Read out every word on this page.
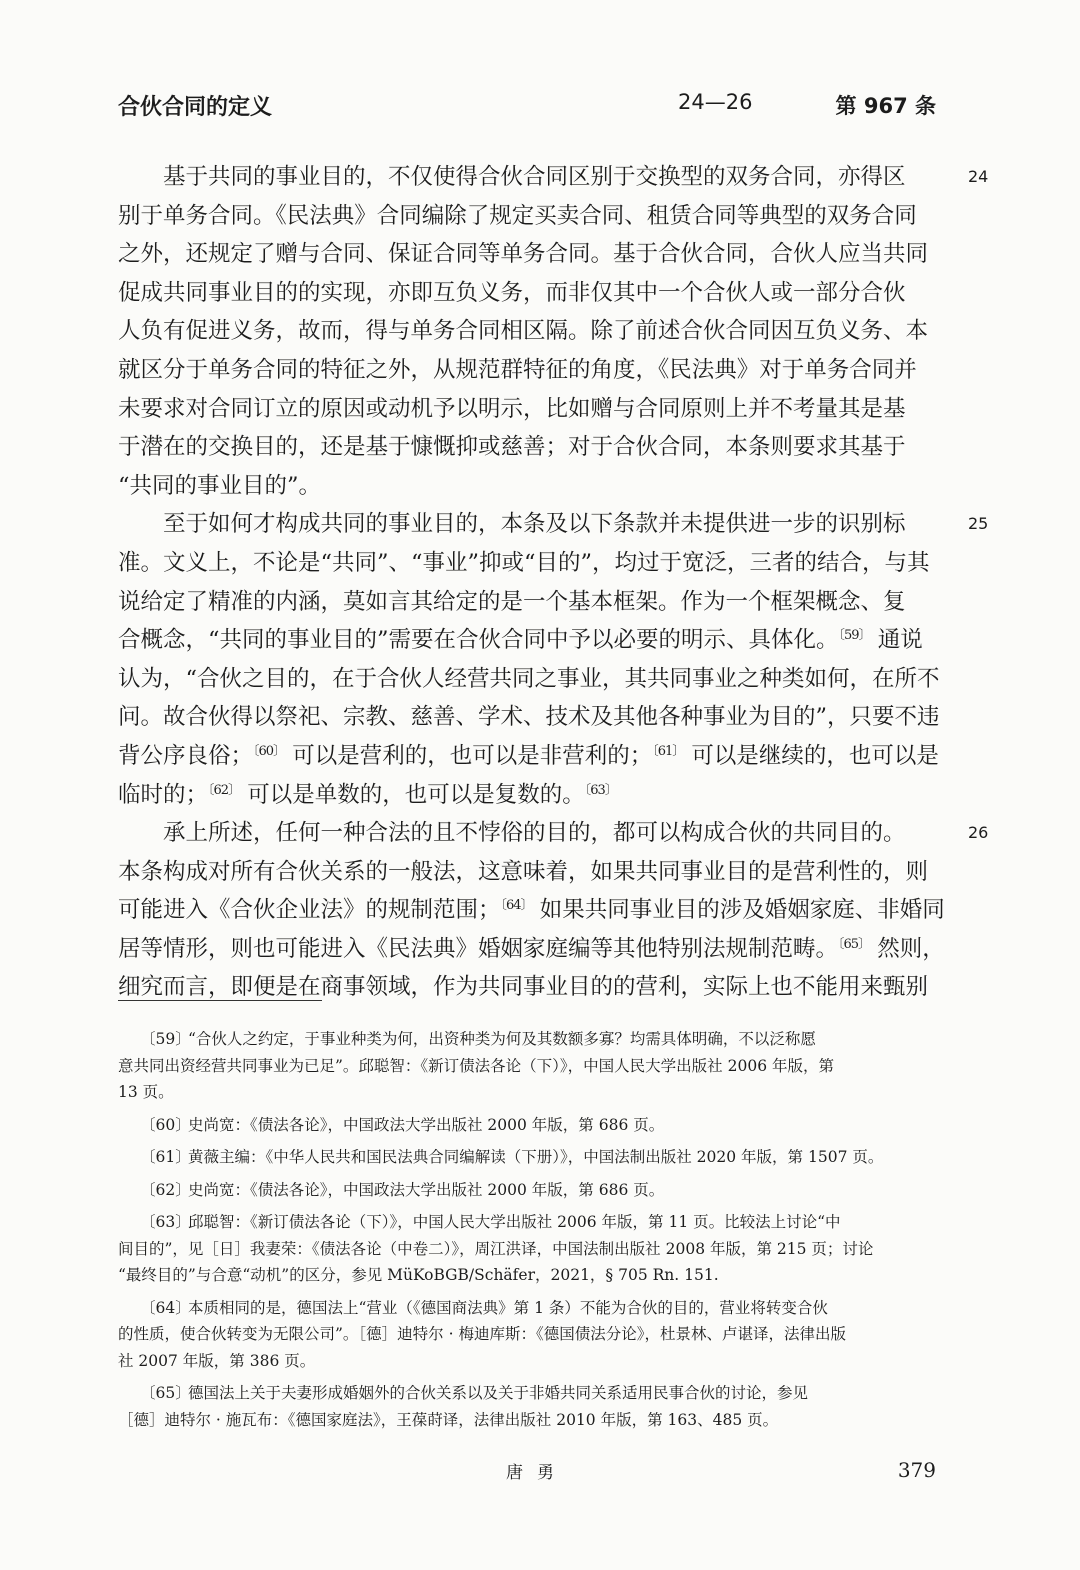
合伙合同的定义	24—26	第 967 条
24
基于共同的事业目的，不仅使得合伙合同区别于交换型的双务合同，亦得区
别于单务合同。《民法典》合同编除了规定买卖合同、租赁合同等典型的双务合同
之外，还规定了赠与合同、保证合同等单务合同。基于合伙合同，合伙人应当共同
促成共同事业目的的实现，亦即互负义务，而非仅其中一个合伙人或一部分合伙
人负有促进义务，故而，得与单务合同相区隔。除了前述合伙合同因互负义务、本
就区分于单务合同的特征之外，从规范群特征的角度，《民法典》对于单务合同并
未要求对合同订立的原因或动机予以明示，比如赠与合同原则上并不考量其是基
于潜在的交换目的，还是基于慷慨抑或慈善；对于合伙合同，本条则要求其基于
“共同的事业目的”。
25
至于如何才构成共同的事业目的，本条及以下条款并未提供进一步的识别标
准。文义上，不论是“共同”、“事业”抑或“目的”，均过于宽泛，三者的结合，与其
说给定了精准的内涵，莫如言其给定的是一个基本框架。作为一个框架概念、复
合概念，“共同的事业目的”需要在合伙合同中予以必要的明示、具体化。$^{〔59〕}$ 通说
认为，“合伙之目的，在于合伙人经营共同之事业，其共同事业之种类如何，在所不
问。故合伙得以祭祀、宗教、慈善、学术、技术及其他各种事业为目的”，只要不违
背公序良俗；$^{〔60〕}$ 可以是营利的，也可以是非营利的；$^{〔61〕}$ 可以是继续的，也可以是
临时的；$^{〔62〕}$ 可以是单数的，也可以是复数的。$^{〔63〕}$
26
承上所述，任何一种合法的且不悖俗的目的，都可以构成合伙的共同目的。
本条构成对所有合伙关系的一般法，这意味着，如果共同事业目的是营利性的，则
可能进入《合伙企业法》的规制范围；$^{〔64〕}$ 如果共同事业目的涉及婚姻家庭、非婚同
居等情形，则也可能进入《民法典》婚姻家庭编等其他特别法规制范畴。$^{〔65〕}$ 然则，
细究而言，即便是在商事领域，作为共同事业目的的营利，实际上也不能用来甄别
〔59〕“合伙人之约定，于事业种类为何，出资种类为何及其数额多寡？均需具体明确，不以泛称愿
意共同出资经营共同事业为已足”。邱聪智：《新订债法各论（下）》，中国人民大学出版社 2006 年版，第
13 页。
〔60〕史尚宽：《债法各论》，中国政法大学出版社 2000 年版，第 686 页。
〔61〕黄薇主编：《中华人民共和国民法典合同编解读（下册）》，中国法制出版社 2020 年版，第 1507 页。
〔62〕史尚宽：《债法各论》，中国政法大学出版社 2000 年版，第 686 页。
〔63〕邱聪智：《新订债法各论（下）》，中国人民大学出版社 2006 年版，第 11 页。比较法上讨论“中
间目的”，见［日］我妻荣：《债法各论（中卷二）》，周江洪译，中国法制出版社 2008 年版，第 215 页；讨论
“最终目的”与合意“动机”的区分，参见 MüKoBGB/Schäfer，2021，§ 705 Rn. 151.
〔64〕本质相同的是，德国法上“营业（《德国商法典》第 1 条）不能为合伙的目的，营业将转变合伙
的性质，使合伙转变为无限公司”。［德］迪特尔 · 梅迪库斯：《德国债法分论》，杜景林、卢谌译，法律出版
社 2007 年版，第 386 页。
〔65〕德国法上关于夫妻形成婚姻外的合伙关系以及关于非婚共同关系适用民事合伙的讨论，参见
［德］迪特尔 · 施瓦布：《德国家庭法》，王葆莳译，法律出版社 2010 年版，第 163、485 页。
唐勇	379
